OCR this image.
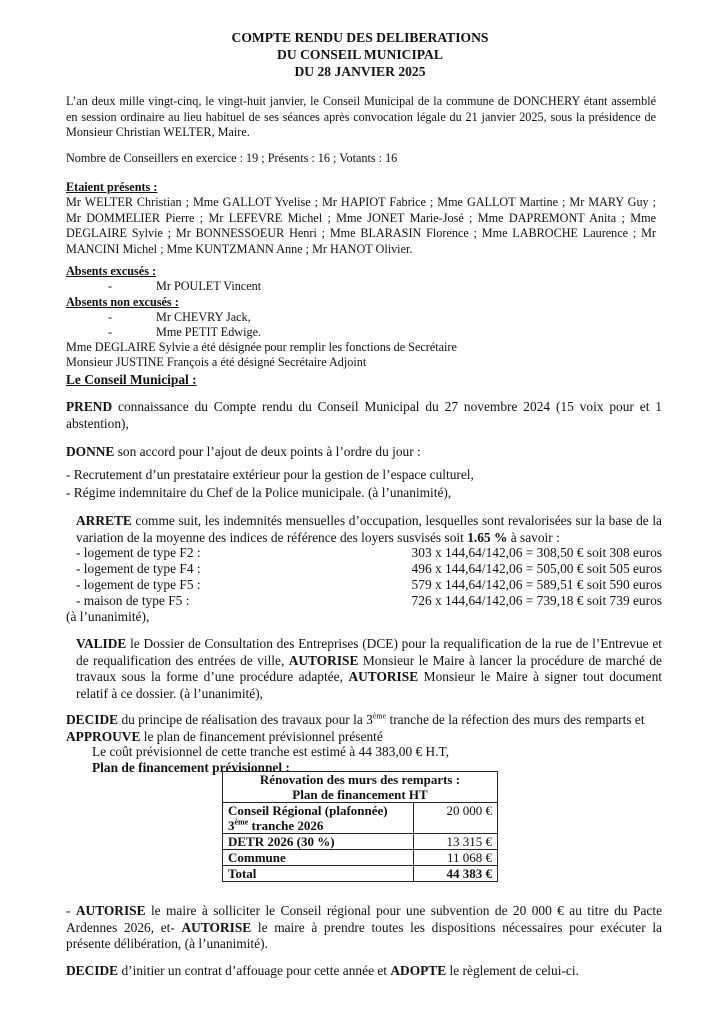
COMPTE RENDU DES DELIBERATIONS
DU CONSEIL MUNICIPAL
DU 28 JANVIER 2025
L’an deux mille vingt-cinq, le vingt-huit janvier, le Conseil Municipal de la commune de DONCHERY étant assemblé en session ordinaire au lieu habituel de ses séances après convocation légale du 21 janvier 2025, sous la présidence de Monsieur Christian WELTER, Maire.
Nombre de Conseillers en exercice : 19 ; Présents : 16 ; Votants : 16
Etaient présents :
Mr WELTER Christian ; Mme GALLOT Yvelise ; Mr HAPIOT Fabrice ; Mme GALLOT Martine ; Mr MARY Guy ; Mr DOMMELIER Pierre ; Mr LEFEVRE Michel ; Mme JONET Marie-José ; Mme DAPREMONT Anita ; Mme DEGLAIRE Sylvie ; Mr BONNESSOEUR Henri ; Mme BLARASIN Florence ; Mme LABROCHE Laurence ; Mr MANCINI Michel ; Mme KUNTZMANN Anne ; Mr HANOT Olivier.
Absents excusés :
-	Mr POULET Vincent
Absents non excusés :
-	Mr CHEVRY Jack,
-	Mme PETIT Edwige.
Mme DEGLAIRE Sylvie a été désignée pour remplir les fonctions de Secrétaire
Monsieur JUSTINE François a été désigné Secrétaire Adjoint
Le Conseil Municipal :
PREND connaissance du Compte rendu du Conseil Municipal du 27 novembre 2024 (15 voix pour et 1 abstention),
DONNE son accord pour l’ajout de deux points à l’ordre du jour :
- Recrutement d’un prestataire extérieur pour la gestion de l’espace culturel,
- Régime indemnitaire du Chef de la Police municipale. (à l’unanimité),
ARRETE comme suit, les indemnités mensuelles d’occupation, lesquelles sont revalorisées sur la base de la variation de la moyenne des indices de référence des loyers susvisés soit 1.65 % à savoir :
- logement de type F2 :	303 x 144,64/142,06 = 308,50 € soit 308 euros
- logement de type F4 :	496 x 144,64/142,06 = 505,00 € soit 505 euros
- logement de type F5 :	579 x 144,64/142,06 = 589,51 € soit 590 euros
- maison de type F5 :	726 x 144,64/142,06 = 739,18 € soit 739 euros
(à l’unanimité),
VALIDE le Dossier de Consultation des Entreprises (DCE) pour la requalification de la rue de l’Entrevue et de requalification des entrées de ville, AUTORISE Monsieur le Maire à lancer la procédure de marché de travaux sous la forme d’une procédure adaptée, AUTORISE Monsieur le Maire à signer tout document relatif à ce dossier. (à l’unanimité),
DECIDE du principe de réalisation des travaux pour la 3ème tranche de la réfection des murs des remparts et
APPROUVE le plan de financement prévisionnel présenté
Le coût prévisionnel de cette tranche est estimé à 44 383,00 € H.T,
Plan de financement prévisionnel :
Rénovation des murs des remparts :
Plan de financement HT	
Conseil Régional (plafonnée)
3ème tranche 2026	20 000 €
DETR 2026 (30 %)	13 315 €
Commune	11 068 €
Total	44 383 €
- AUTORISE le maire à solliciter le Conseil régional pour une subvention de 20 000 € au titre du Pacte Ardennes 2026, et- AUTORISE le maire à prendre toutes les dispositions nécessaires pour exécuter la présente délibération, (à l’unanimité).
DECIDE d’initier un contrat d’affouage pour cette année et ADOPTE le règlement de celui-ci.
